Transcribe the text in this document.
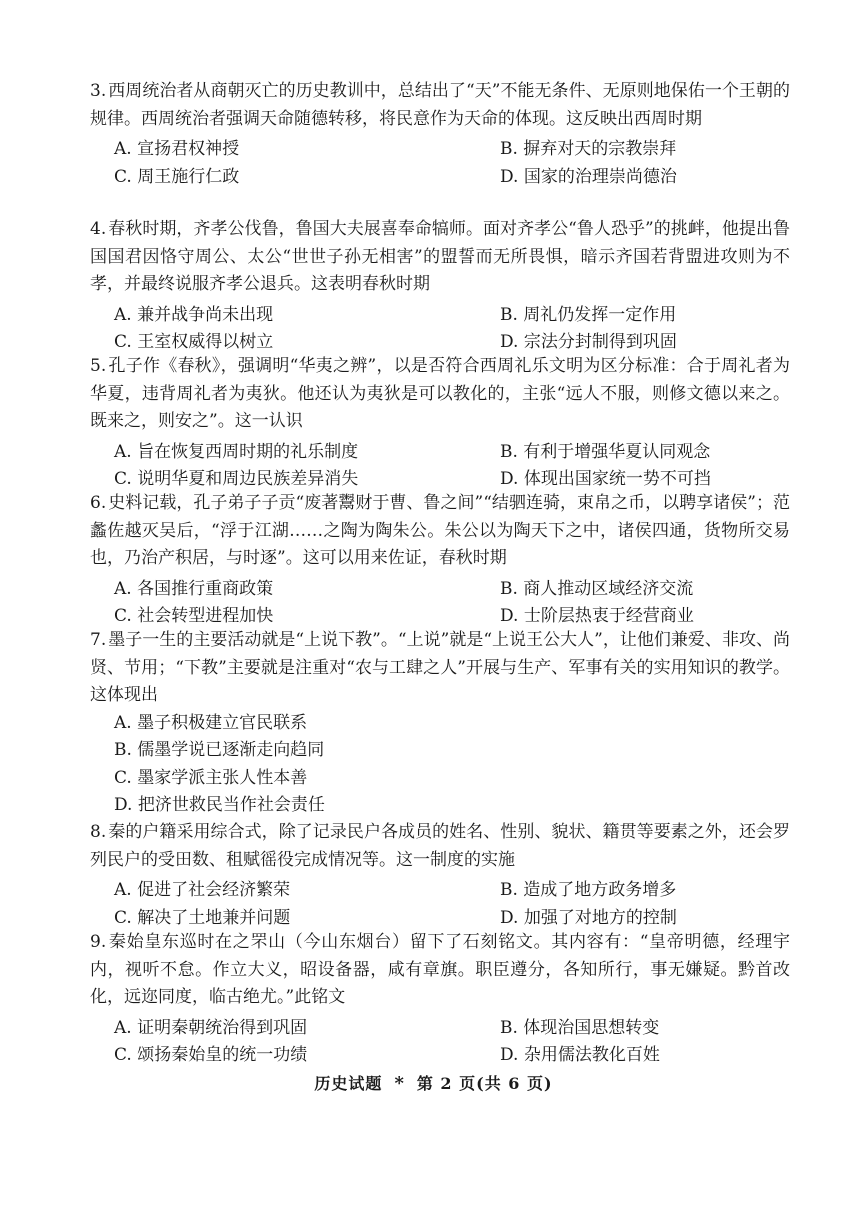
3. 西周统治者从商朝灭亡的历史教训中，总结出了“天”不能无条件、无原则地保佑一个王朝的规律。西周统治者强调天命随德转移，将民意作为天命的体现。这反映出西周时期

A. 宣扬君权神授	B. 摒弃对天的宗教崇拜
C. 周王施行仁政	D. 国家的治理崇尚德治

4. 春秋时期，齐孝公伐鲁，鲁国大夫展喜奉命犒师。面对齐孝公“鲁人恐乎”的挑衅，他提出鲁国国君因恪守周公、太公“世世子孙无相害”的盟誓而无所畏惧，暗示齐国若背盟进攻则为不孝，并最终说服齐孝公退兵。这表明春秋时期

A. 兼并战争尚未出现	B. 周礼仍发挥一定作用
C. 王室权威得以树立	D. 宗法分封制得到巩固

5. 孔子作《春秋》，强调明“华夷之辨”，以是否符合西周礼乐文明为区分标准：合于周礼者为华夏，违背周礼者为夷狄。他还认为夷狄是可以教化的，主张“远人不服，则修文德以来之。既来之，则安之”。这一认识

A. 旨在恢复西周时期的礼乐制度	B. 有利于增强华夏认同观念
C. 说明华夏和周边民族差异消失	D. 体现出国家统一势不可挡

6. 史料记载，孔子弟子子贡“废著鬻财于曹、鲁之间”“结驷连骑，束帛之币，以聘享诸侯”；范蠡佐越灭吴后，“浮于江湖……之陶为陶朱公。朱公以为陶天下之中，诸侯四通，货物所交易也，乃治产积居，与时逐”。这可以用来佐证，春秋时期

A. 各国推行重商政策	B. 商人推动区域经济交流
C. 社会转型进程加快	D. 士阶层热衷于经营商业

7. 墨子一生的主要活动就是“上说下教”。“上说”就是“上说王公大人”，让他们兼爱、非攻、尚贤、节用；“下教”主要就是注重对“农与工肆之人”开展与生产、军事有关的实用知识的教学。这体现出

A. 墨子积极建立官民联系
B. 儒墨学说已逐渐走向趋同
C. 墨家学派主张人性本善
D. 把济世救民当作社会责任

8. 秦的户籍采用综合式，除了记录民户各成员的姓名、性别、貌状、籍贯等要素之外，还会罗列民户的受田数、租赋徭役完成情况等。这一制度的实施

A. 促进了社会经济繁荣	B. 造成了地方政务增多
C. 解决了土地兼并问题	D. 加强了对地方的控制

9. 秦始皇东巡时在之罘山（今山东烟台）留下了石刻铭文。其内容有：“皇帝明德，经理宇内，视听不怠。作立大义，昭设备器，咸有章旗。职臣遵分，各知所行，事无嫌疑。黔首改化，远迩同度，临古绝尤。”此铭文

A. 证明秦朝统治得到巩固	B. 体现治国思想转变
C. 颂扬秦始皇的统一功绩	D. 杂用儒法教化百姓
历史试题 * 第 2 页(共 6 页)
